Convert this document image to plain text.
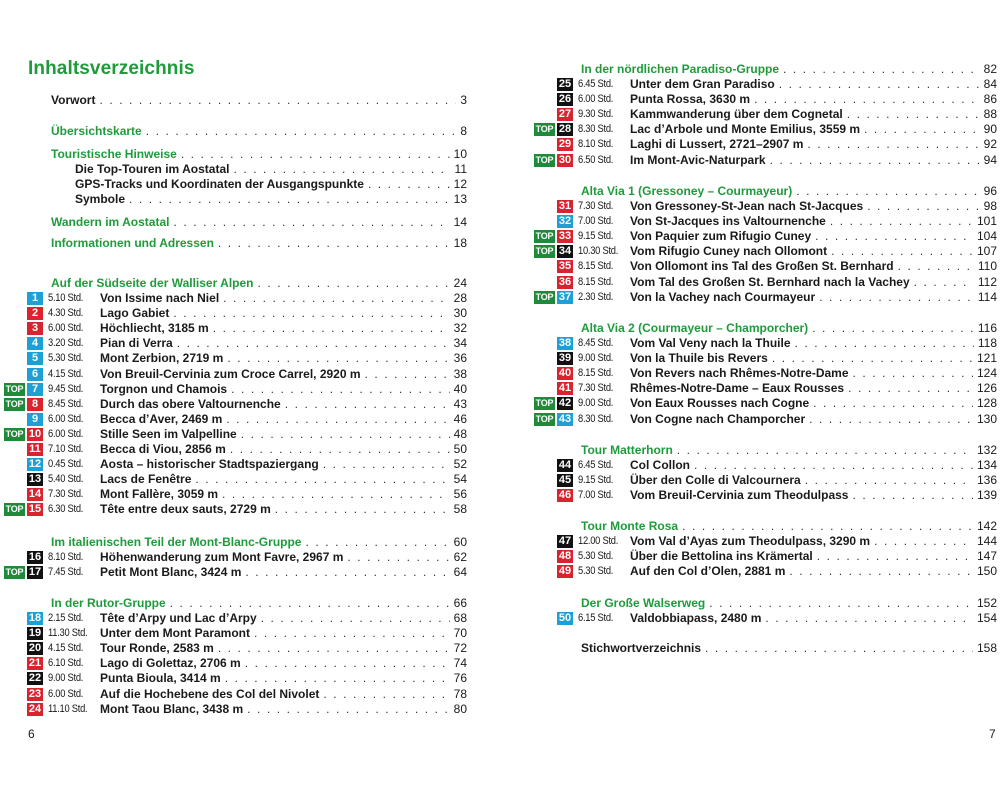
Inhaltsverzeichnis
Vorwort . . .	3
Übersichtskarte . . .	8
Touristische Hinweise . . .	10
Die Top-Touren im Aostatal . . .	11
GPS-Tracks und Koordinaten der Ausgangspunkte . . .	12
Symbole . . .	13
Wandern im Aostatal . . .	14
Informationen und Adressen . . .	18
Auf der Südseite der Walliser Alpen . . .	24
1 5.10 Std. Von Issime nach Niel . . .	28
2 4.30 Std. Lago Gabiet . . .	30
3 6.00 Std. Höchliecht, 3185 m . . .	32
4 3.20 Std. Pian di Verra . . .	34
5 5.30 Std. Mont Zerbion, 2719 m . . .	36
6 4.15 Std. Von Breuil-Cervinia zum Croce Carrel, 2920 m . . .	38
TOP 7 9.45 Std. Torgnon und Chamois . . .	40
TOP 8 8.45 Std. Durch das obere Valtournenche . . .	43
9 6.00 Std. Becca d’Aver, 2469 m . . .	46
TOP 10 6.00 Std. Stille Seen im Valpelline . . .	48
11 7.10 Std. Becca di Viou, 2856 m . . .	50
12 0.45 Std. Aosta – historischer Stadtspaziergang . . .	52
13 5.40 Std. Lacs de Fenêtre . . .	54
14 7.30 Std. Mont Fallère, 3059 m . . .	56
TOP 15 6.30 Std. Tête entre deux sauts, 2729 m . . .	58
Im italienischen Teil der Mont-Blanc-Gruppe . . .	60
16 8.10 Std. Höhenwanderung zum Mont Favre, 2967 m . . .	62
TOP 17 7.45 Std. Petit Mont Blanc, 3424 m . . .	64
In der Rutor-Gruppe . . .	66
18 2.15 Std. Tête d’Arpy und Lac d’Arpy . . .	68
19 11.30 Std. Unter dem Mont Paramont . . .	70
20 4.15 Std. Tour Ronde, 2583 m . . .	72
21 6.10 Std. Lago di Golettaz, 2706 m . . .	74
22 9.00 Std. Punta Bioula, 3414 m . . .	76
23 6.00 Std. Auf die Hochebene des Col del Nivolet . . .	78
24 11.10 Std. Mont Taou Blanc, 3438 m . . .	80
6
In der nördlichen Paradiso-Gruppe . . .	82
25 6.45 Std. Unter dem Gran Paradiso . . .	84
26 6.00 Std. Punta Rossa, 3630 m . . .	86
27 9.30 Std. Kammwanderung über dem Cognetal . . .	88
TOP 28 8.30 Std. Lac d’Arbole und Monte Emilius, 3559 m . . .	90
29 8.10 Std. Laghi di Lussert, 2721–2907 m . . .	92
TOP 30 6.50 Std. Im Mont-Avic-Naturpark . . .	94
Alta Via 1 (Gressoney – Courmayeur) . . .	96
31 7.30 Std. Von Gressoney-St-Jean nach St-Jacques . . .	98
32 7.00 Std. Von St-Jacques ins Valtournenche . . .	101
TOP 33 9.15 Std. Von Paquier zum Rifugio Cuney . . .	104
TOP 34 10.30 Std. Vom Rifugio Cuney nach Ollomont . . .	107
35 8.15 Std. Von Ollomont ins Tal des Großen St. Bernhard . . .	110
36 8.15 Std. Vom Tal des Großen St. Bernhard nach la Vachey . . .	112
TOP 37 2.30 Std. Von la Vachey nach Courmayeur . . .	114
Alta Via 2 (Courmayeur – Champorcher) . . .	116
38 8.45 Std. Vom Val Veny nach la Thuile . . .	118
39 9.00 Std. Von la Thuile bis Revers . . .	121
40 8.15 Std. Von Revers nach Rhêmes-Notre-Dame . . .	124
41 7.30 Std. Rhêmes-Notre-Dame – Eaux Rousses . . .	126
TOP 42 9.00 Std. Von Eaux Rousses nach Cogne . . .	128
TOP 43 8.30 Std. Von Cogne nach Champorcher . . .	130
Tour Matterhorn . . .	132
44 6.45 Std. Col Collon . . .	134
45 9.15 Std. Über den Colle di Valcournera . . .	136
46 7.00 Std. Vom Breuil-Cervinia zum Theodulpass . . .	139
Tour Monte Rosa . . .	142
47 12.00 Std. Vom Val d’Ayas zum Theodulpass, 3290 m . . .	144
48 5.30 Std. Über die Bettolina ins Krämertal . . .	147
49 5.30 Std. Auf den Col d’Olen, 2881 m . . .	150
Der Große Walserweg . . .	152
50 6.15 Std. Valdobbiapass, 2480 m . . .	154
Stichwortverzeichnis . . .	158
7
